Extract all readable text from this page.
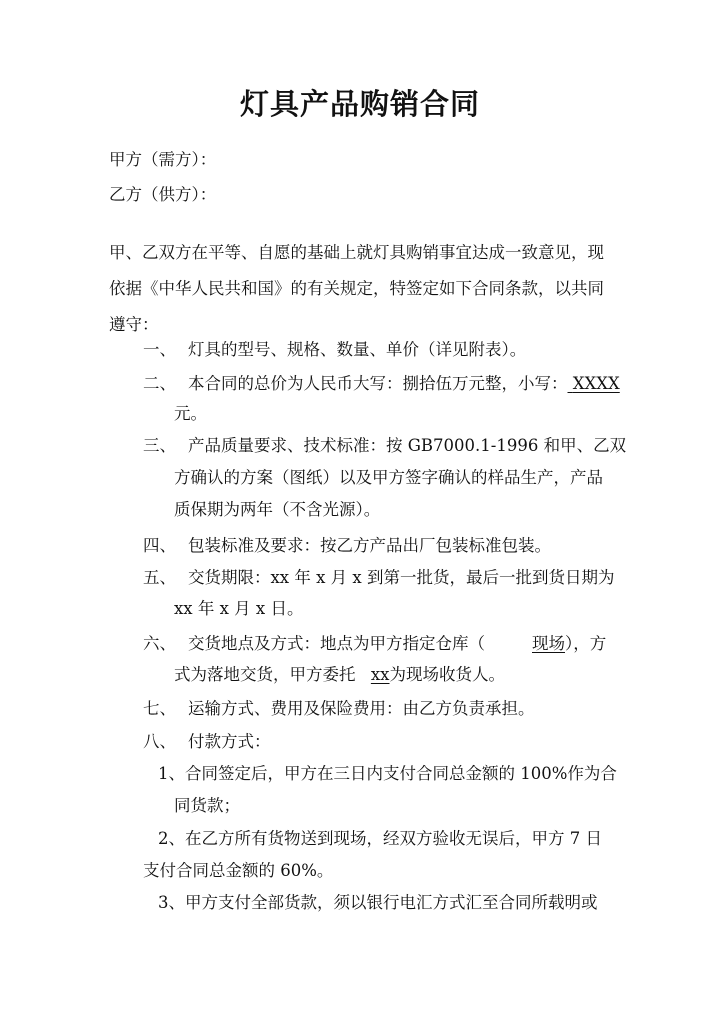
灯具产品购销合同
甲方（需方）：
乙方（供方）：
甲、乙双方在平等、自愿的基础上就灯具购销事宜达成一致意见，现
依据《中华人民共和国》的有关规定，特签定如下合同条款，以共同
遵守：
一、 灯具的型号、规格、数量、单价（详见附表）。
二、 本合同的总价为人民币大写：捌拾伍万元整，小写： XXXX
元。
三、 产品质量要求、技术标准：按 GB7000.1-1996 和甲、乙双
方确认的方案（图纸）以及甲方签字确认的样品生产，产品
质保期为两年（不含光源）。
四、 包装标准及要求：按乙方产品出厂包装标准包装。
五、 交货期限：xx 年 x 月 x 到第一批货，最后一批到货日期为
xx 年 x 月 x 日。
六、 交货地点及方式：地点为甲方指定仓库（	现场），方
式为落地交货，甲方委托 xx为现场收货人。
七、 运输方式、费用及保险费用：由乙方负责承担。
八、 付款方式：
1、合同签定后，甲方在三日内支付合同总金额的 100%作为合
同货款；
2、在乙方所有货物送到现场，经双方验收无误后，甲方 7 日
支付合同总金额的 60%。
3、甲方支付全部货款，须以银行电汇方式汇至合同所载明或
